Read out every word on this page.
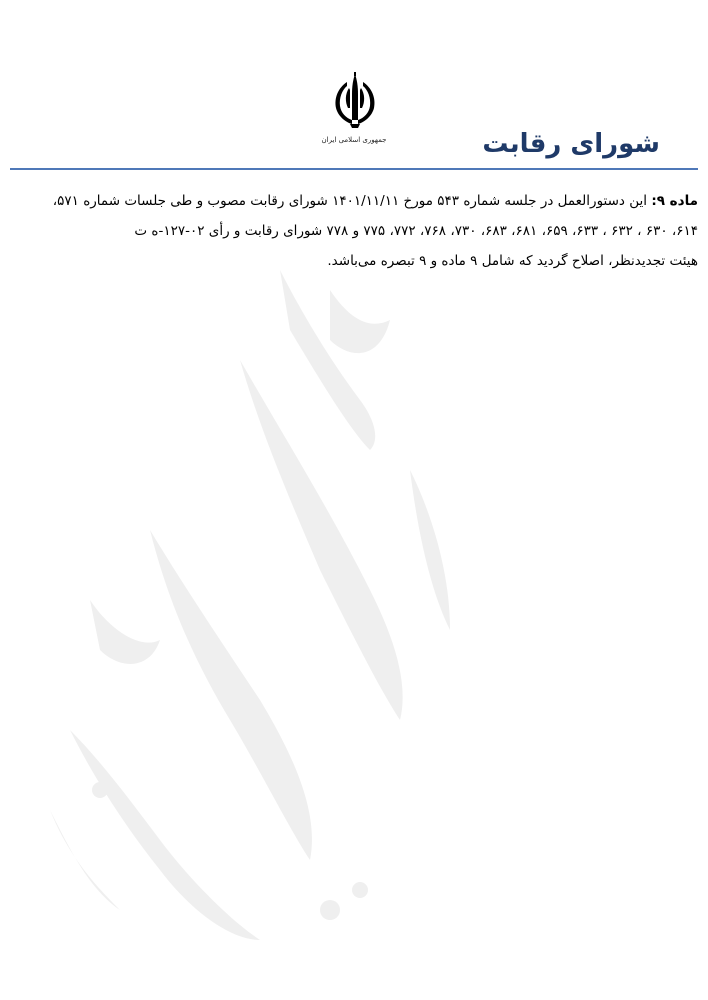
جمهوری اسلامی ایران	شورای رقابت
ماده ۹: این دستورالعمل در جلسه شماره ۵۴۳ مورخ ۱۴۰۱/۱۱/۱۱ شورای رقابت مصوب و طی جلسات شماره ۵۷۱،
۶۱۴، ۶۳۰ ، ۶۳۲ ، ۶۳۳، ۶۵۹، ۶۸۱، ۶۸۳، ۷۳۰، ۷۶۸، ۷۷۲، ۷۷۵ و ۷۷۸ شورای رقابت و رأی ۰۲-۱۲۷-ه ت
هیئت تجدیدنظر، اصلاح گردید که شامل ۹ ماده و ۹ تبصره می‌باشد.
